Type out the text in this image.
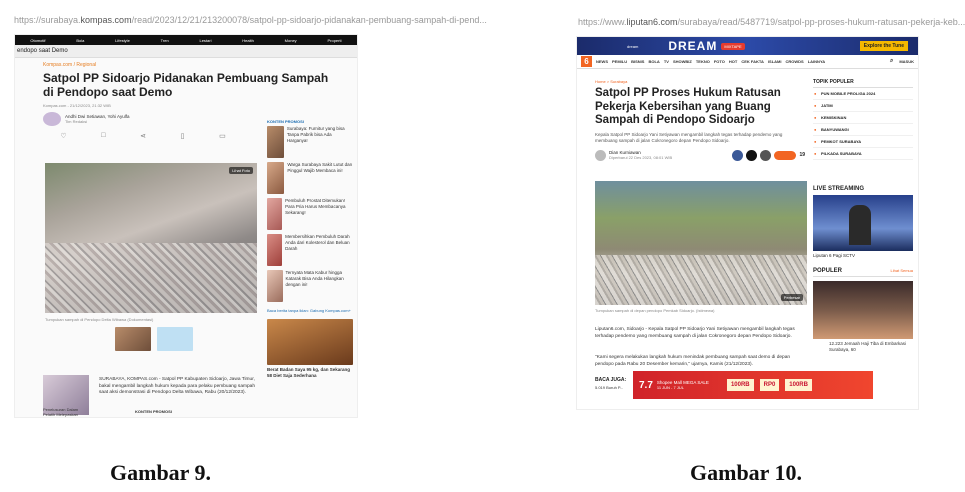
https://surabaya.kompas.com/read/2023/12/21/213200078/satpol-pp-sidoarjo-pidanakan-pembuang-sampah-di-pend...
Otomotif	Bola	Lifestyle	Tren	Lestari	Health	Money	Properti
endopo saat Demo
Kompas.com / Regional
Satpol PP Sidoarjo Pidanakan Pembuang Sampah di Pendopo saat Demo
Kompas.com - 21/12/2023, 21:32 WIB
Andhi Dwi Setiawan, Yohi Ayulfa
Tim Redaksi
♡	□	⋖	▯	▭
Lihat Foto
Tumpukan sampah di Pendopo Delta Wibawa (Dokumentasi)
KONTEN PROMOSI
Surabaya: Furnitur yang bisa Tanpa Pabrik bisa Ada Harganya!
Warga Surabaya Sakit Lutut dan Pinggul Wajib Membaca ini!
Pembuluh Prostat Ditemukan! Para Pria Harus Membacanya Sekarang!
Membersihkan Pembuluh Darah Anda dari Kolesterol dan Beluan Darah
Ternyata Mata Kabur hingga Katarak Bisa Anda Hilangkan dengan ini!
Baca berita tanpa iklan: Gabung Kompas.com+
Berat Badan Saya 95 kg, dan Sekarang 58 Diet Saja Sederhana
Penelusuran Dalam Pelatih Melepaskan
SURABAYA, KOMPAS.com - Satpol PP Kabupaten Sidoarjo, Jawa Timur, bakal mengambil langkah hukum kepada para pelaku pembuang sampah saat aksi demonstrasi di Pendopo Delta Wibawa, Rabu (20/12/2023).
KONTEN PROMOSI
Gambar 9.
https://www.liputan6.com/surabaya/read/5487719/satpol-pp-proses-hukum-ratusan-pekerja-keb...
dream	DREAM	MIXTAPE	Explore the Tune
6	NEWS PEMILU BISNIS BOLA TV SHOWBIZ TEKNO FOTO HOT CEK FAKTA ISLAMI CROWDS LAINNYA	⌕ MASUK
Home > Surabaya
Satpol PP Proses Hukum Ratusan Pekerja Kebersihan yang Buang Sampah di Pendopo Sidoarjo
Kepala Satpol PP Sidoarjo Yani Setiyawan mengambil langkah tegas terhadap pendemo yang membuang sampah di jalan Cokronegoro depan Pendopo Sidoarjo.
Dian Kurniawan
Diperbarui 22 Des 2023, 08:01 WIB	19
Perbesar
Tumpukan sampah di depan pendopo Pemkab Sidoarjo. (Istimewa)
Liputan6.com, Sidoarjo - Kepala Satpol PP Sidoarjo Yani Setiyawan mengambil langkah tegas terhadap pendemo yang membuang sampah di jalan Cokronegoro depan Pendopo Sidoarjo.
"Kami segera melakukan langkah hukum menindak pembuang sampah saat demo di depan pendopo pada Rabu 20 Desember kemarin," ujarnya, Kamis (21/12/2023).
BACA JUGA:
5.019 Buruh P... 7.7 Shopee Mall MEGA SALE
11 JUN - 7 JUL	100RB	RP0	100RB
TOPIK POPULER
● PUN MOBILE PROLIGA 2024
● JATIM
● KEMISKINAN
● BANYUWANGI
● PEMKOT SURABAYA
● PILKADA SURABAYA
LIVE STREAMING
Liputan 6 Pagi SCTV
POPULER	Lihat Semua
12.223 Jemaah Haji Tiba di Embarkasi Surabaya, 60
Gambar 10.
